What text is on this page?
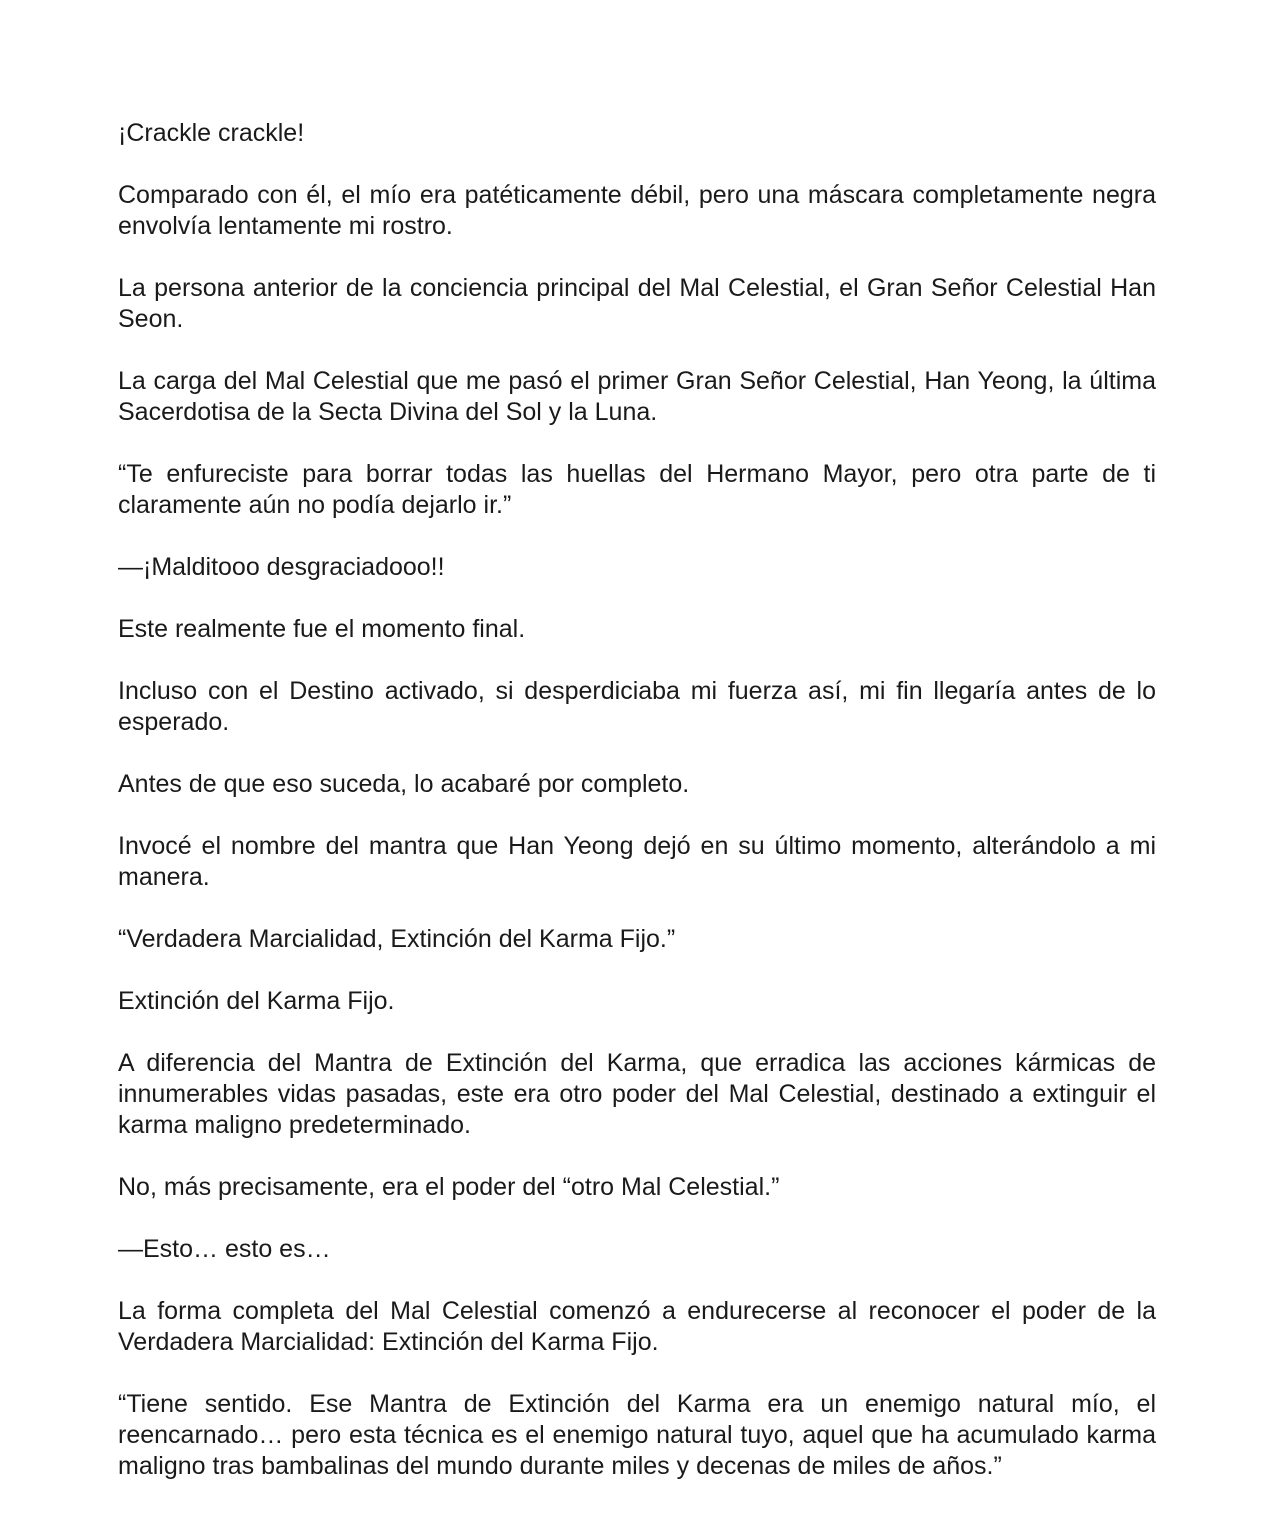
¡Crackle crackle!

Comparado con él, el mío era patéticamente débil, pero una máscara completamente negra envolvía lentamente mi rostro.

La persona anterior de la conciencia principal del Mal Celestial, el Gran Señor Celestial Han Seon.

La carga del Mal Celestial que me pasó el primer Gran Señor Celestial, Han Yeong, la última Sacerdotisa de la Secta Divina del Sol y la Luna.

“Te enfureciste para borrar todas las huellas del Hermano Mayor, pero otra parte de ti claramente aún no podía dejarlo ir.”

—¡Malditooo desgraciadooo!!

Este realmente fue el momento final.

Incluso con el Destino activado, si desperdiciaba mi fuerza así, mi fin llegaría antes de lo esperado.

Antes de que eso suceda, lo acabaré por completo.

Invocé el nombre del mantra que Han Yeong dejó en su último momento, alterándolo a mi manera.

“Verdadera Marcialidad, Extinción del Karma Fijo.”

Extinción del Karma Fijo.

A diferencia del Mantra de Extinción del Karma, que erradica las acciones kármicas de innumerables vidas pasadas, este era otro poder del Mal Celestial, destinado a extinguir el karma maligno predeterminado.

No, más precisamente, era el poder del “otro Mal Celestial.”

—Esto… esto es…

La forma completa del Mal Celestial comenzó a endurecerse al reconocer el poder de la Verdadera Marcialidad: Extinción del Karma Fijo.

“Tiene sentido. Ese Mantra de Extinción del Karma era un enemigo natural mío, el reencarnado… pero esta técnica es el enemigo natural tuyo, aquel que ha acumulado karma maligno tras bambalinas del mundo durante miles y decenas de miles de años.”
